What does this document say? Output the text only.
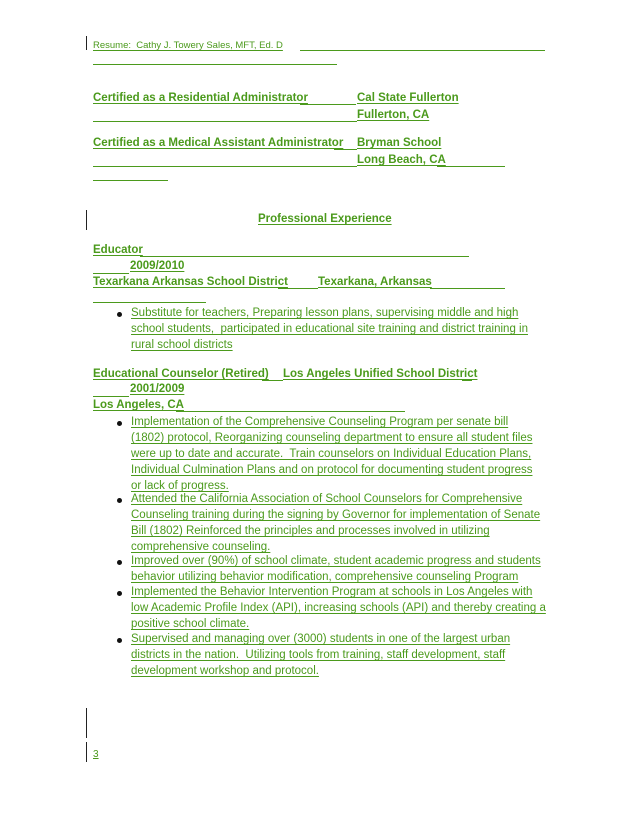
Resume:  Cathy J. Towery Sales, MFT, Ed. D
Certified as a Residential Administrator	Cal State Fullerton
Fullerton, CA
Certified as a Medical Assistant Administrator Bryman School
Long Beach, CA
Professional Experience
Educator
2009/2010
Texarkana Arkansas School District	Texarkana, Arkansas
Substitute for teachers, Preparing lesson plans, supervising middle and high
school students,  participated in educational site training and district training in
rural school districts
Educational Counselor (Retired) Los Angeles Unified School District
2001/2009
Los Angeles, CA
Implementation of the Comprehensive Counseling Program per senate bill
(1802) protocol, Reorganizing counseling department to ensure all student files
were up to date and accurate.  Train counselors on Individual Education Plans,
Individual Culmination Plans and on protocol for documenting student progress
or lack of progress.
Attended the California Association of School Counselors for Comprehensive
Counseling training during the signing by Governor for implementation of Senate
Bill (1802) Reinforced the principles and processes involved in utilizing
comprehensive counseling.
Improved over (90%) of school climate, student academic progress and students
behavior utilizing behavior modification, comprehensive counseling Program
Implemented the Behavior Intervention Program at schools in Los Angeles with
low Academic Profile Index (API), increasing schools (API) and thereby creating a
positive school climate.
Supervised and managing over (3000) students in one of the largest urban
districts in the nation.  Utilizing tools from training, staff development, staff
development workshop and protocol.
3
